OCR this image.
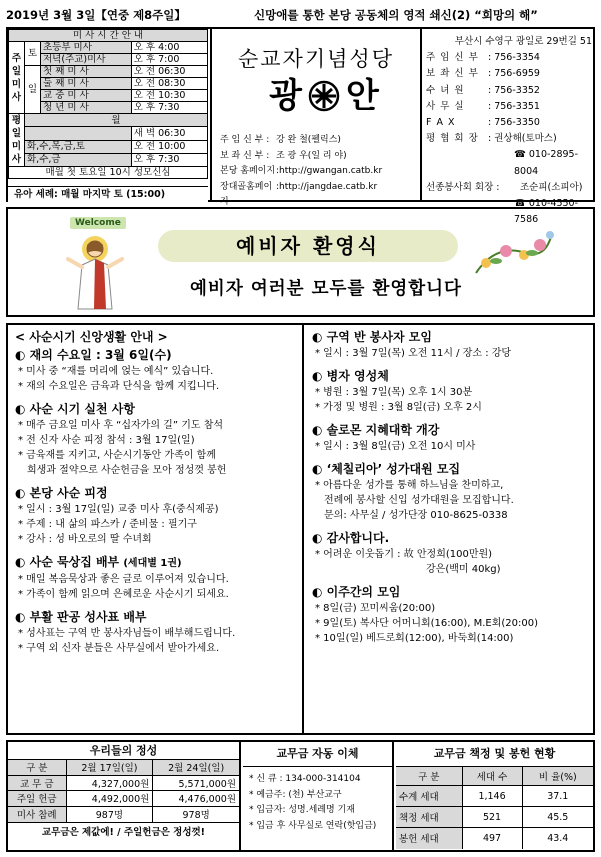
2019년 3월 3일【연중 제8주일】	신망애를 통한 본당 공동체의 영적 쇄신(2) “희망의 해”
미 사 시 간 안 내			
주 일 미 사	토	초등부 미사	오 후 4:00
		저녁(주교)미사	오 후 7:00
	일	첫 째 미 사	오 전 06:30
		둘 째 미 사	오 전 08:30
		교 중 미 사	오 전 10:30
		청 년 미 사	오 후 7:30
평 일 미 사	월		
			새 벽 06:30
	화,수,목,금,토		오 전 10:00
	화,수,금		오 후 7:30
매월 첫 토요일 10시 성모신심			
유아 세례: 매월 마지막 토 (15:00)
순교자기념성당
광 안
주 임 신 부 : 강 완 철(펠릭스)
보 좌 신 부 : 조 광 우(일 리 야)
본당 홈페이지 :http://gwangan.catb.kr
장대골홈페이지
:http://jangdae.catb.kr
부산시 수영구 광일로 29번길 51
주 임 신 부 : 756-3354
보 좌 신 부 : 756-6959
수 녀 원	: 756-3352
사 무 실	: 756-3351
F A X	: 756-3350
평 협 회 장 : 권상해(토마스)
☎ 010-2895-8004
선종봉사회 회장 :	조순피(소피아)
☎ 010-4550-7586
Welcome
예비자 환영식
예비자 여러분 모두를 환영합니다
< 사순시기 신앙생활 안내 >
◐ 재의 수요일 : 3월 6일(수)
* 미사 중 “재를 머리에 얹는 예식” 있습니다.
* 재의 수요일은 금육과 단식을 함께 지킵니다.
◐ 사순 시기 실천 사항
* 매주 금요일 미사 후 “십자가의 길” 기도 참석
* 전 신자 사순 피정 참석 : 3월 17일(일)
* 금육재를 지키고, 사순시기동안 가족이 함께
희생과 절약으로 사순헌금을 모아 정성껏 봉헌
◐ 본당 사순 피정
* 일시 : 3월 17일(일) 교중 미사 후(중식제공)
* 주제 : 내 삶의 파스카 / 준비물 : 필기구
* 강사 : 성 바오로의 딸 수녀회
◐ 사순 묵상집 배부 (세대별 1권)
* 매일 복음묵상과 좋은 글로 이루어져 있습니다.
* 가족이 함께 읽으며 은혜로운 사순시기 되세요.
◐ 부활 판공 성사표 배부
* 성사표는 구역 반 봉사자님들이 배부해드립니다.
* 구역 외 신자 분들은 사무실에서 받아가세요.
◐ 구역 반 봉사자 모임
* 일시 : 3월 7일(목) 오전 11시 / 장소 : 강당
◐ 병자 영성체
* 병원 : 3월 7일(목) 오후 1시 30분
* 가정 및 병원 : 3월 8일(금) 오후 2시
◐ 솔로몬 지혜대학 개강
* 일시 : 3월 8일(금) 오전 10시 미사
◐ ‘체칠리아’ 성가대원 모집
* 아름다운 성가를 통해 하느님을 찬미하고,
전례에 봉사할 신입 성가대원을 모집합니다.
문의: 사무실 / 성가단장 010-8625-0338
◐ 감사합니다.
* 어려운 이웃돕기 : 故 안정희(100만원)
강은(백미 40kg)
◐ 이주간의 모임
* 8일(금) 꼬미씨움(20:00)
* 9일(토) 복사단 어머니회(16:00), M.E회(20:00)
* 10일(일) 베드로회(12:00), 바둑회(14:00)
우리들의 정성
구 분	2월 17일(일)	2월 24일(일)
교 무 금	4,327,000원	5,571,000원
주일 헌금	4,492,000원	4,476,000원
미사 참례	987명	978명
교무금은 제값에! / 주일헌금은 정성껏!
교무금 자동 이체
* 신 큐 : 134-000-314104
* 예금주: (천) 부산교구
* 입금자: 성명.세례명 기재
* 입금 후 사무실로 연락(핫입금)
교무금 책정 및 봉헌 현황
구 분	세대 수	비 율(%)
수계 세대	1,146	37.1
책정 세대	521	45.5
봉헌 세대	497	43.4
